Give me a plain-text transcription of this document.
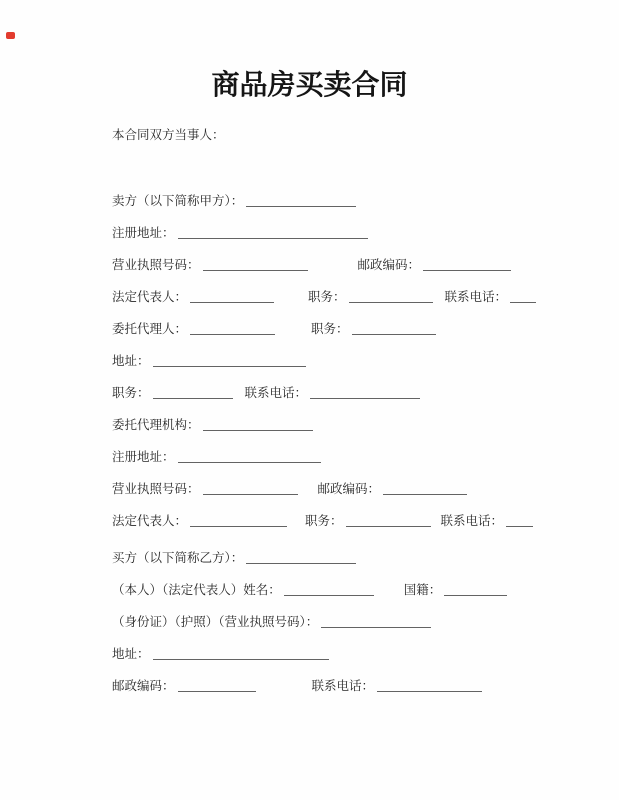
商品房买卖合同

本合同双方当事人：

卖方（以下简称甲方）：

注册地址：

营业执照号码：	邮政编码：

法定代表人：	职务：	联系电话：

委托代理人：	职务：

地址：

职务：	联系电话：

委托代理机构：

注册地址：

营业执照号码：	邮政编码：

法定代表人：	职务：	联系电话：

买方（以下简称乙方）：

（本人）（法定代表人）姓名：	国籍：

（身份证）（护照）（营业执照号码）：

地址：

邮政编码：	联系电话：
